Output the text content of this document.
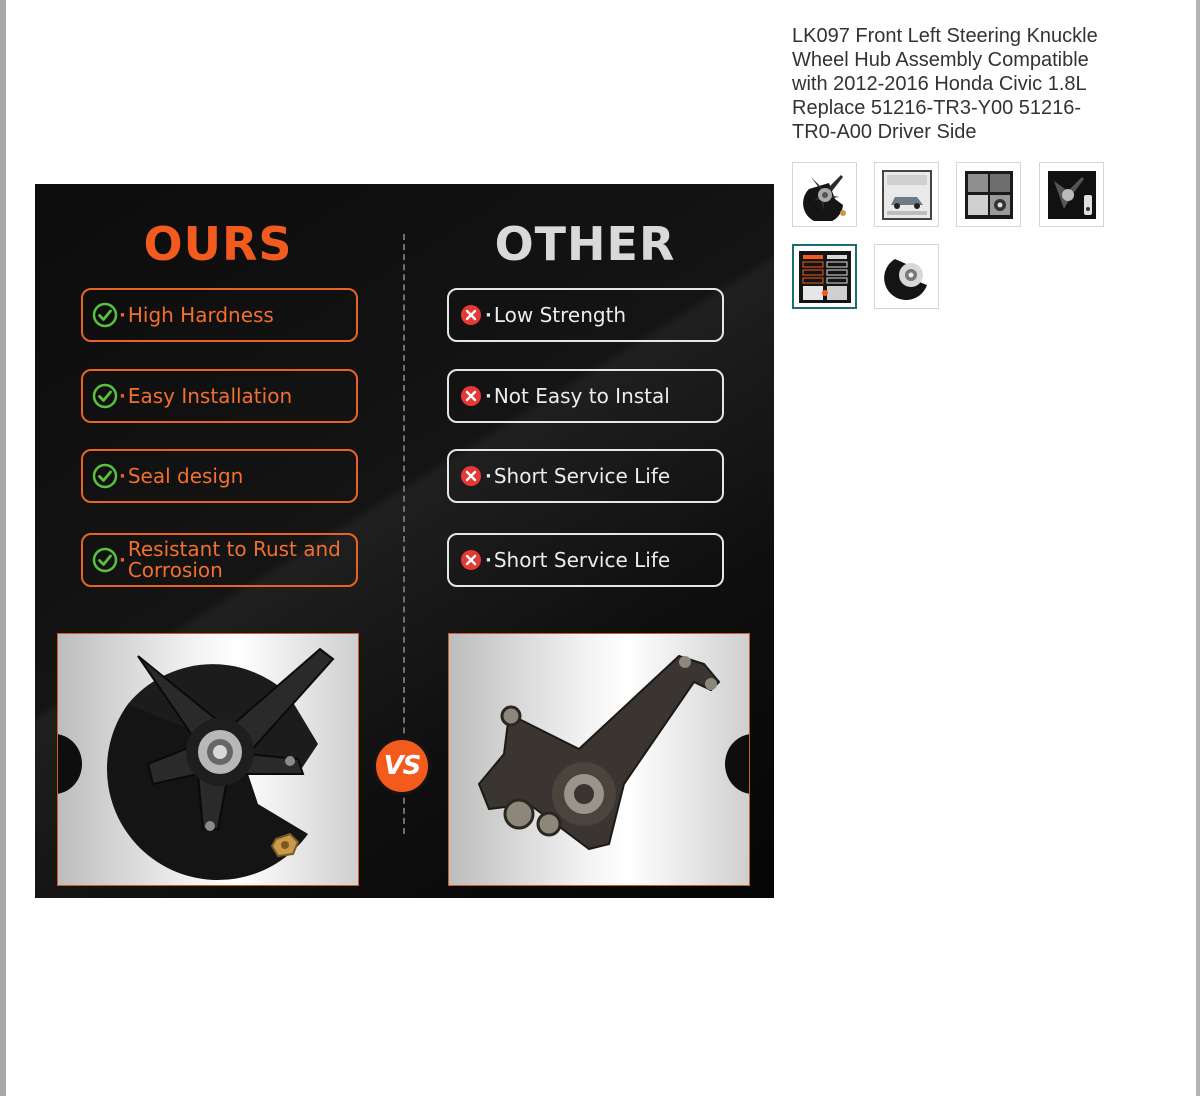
OURS	OTHER
· High Hardness
· Easy Installation
· Seal design
· Resistant to Rust and Corrosion
· Low Strength
· Not Easy to Instal
· Short Service Life
· Short Service Life
VS
LK097 Front Left Steering Knuckle Wheel Hub Assembly Compatible with 2012-2016 Honda Civic 1.8L Replace 51216-TR3-Y00 51216-TR0-A00 Driver Side
